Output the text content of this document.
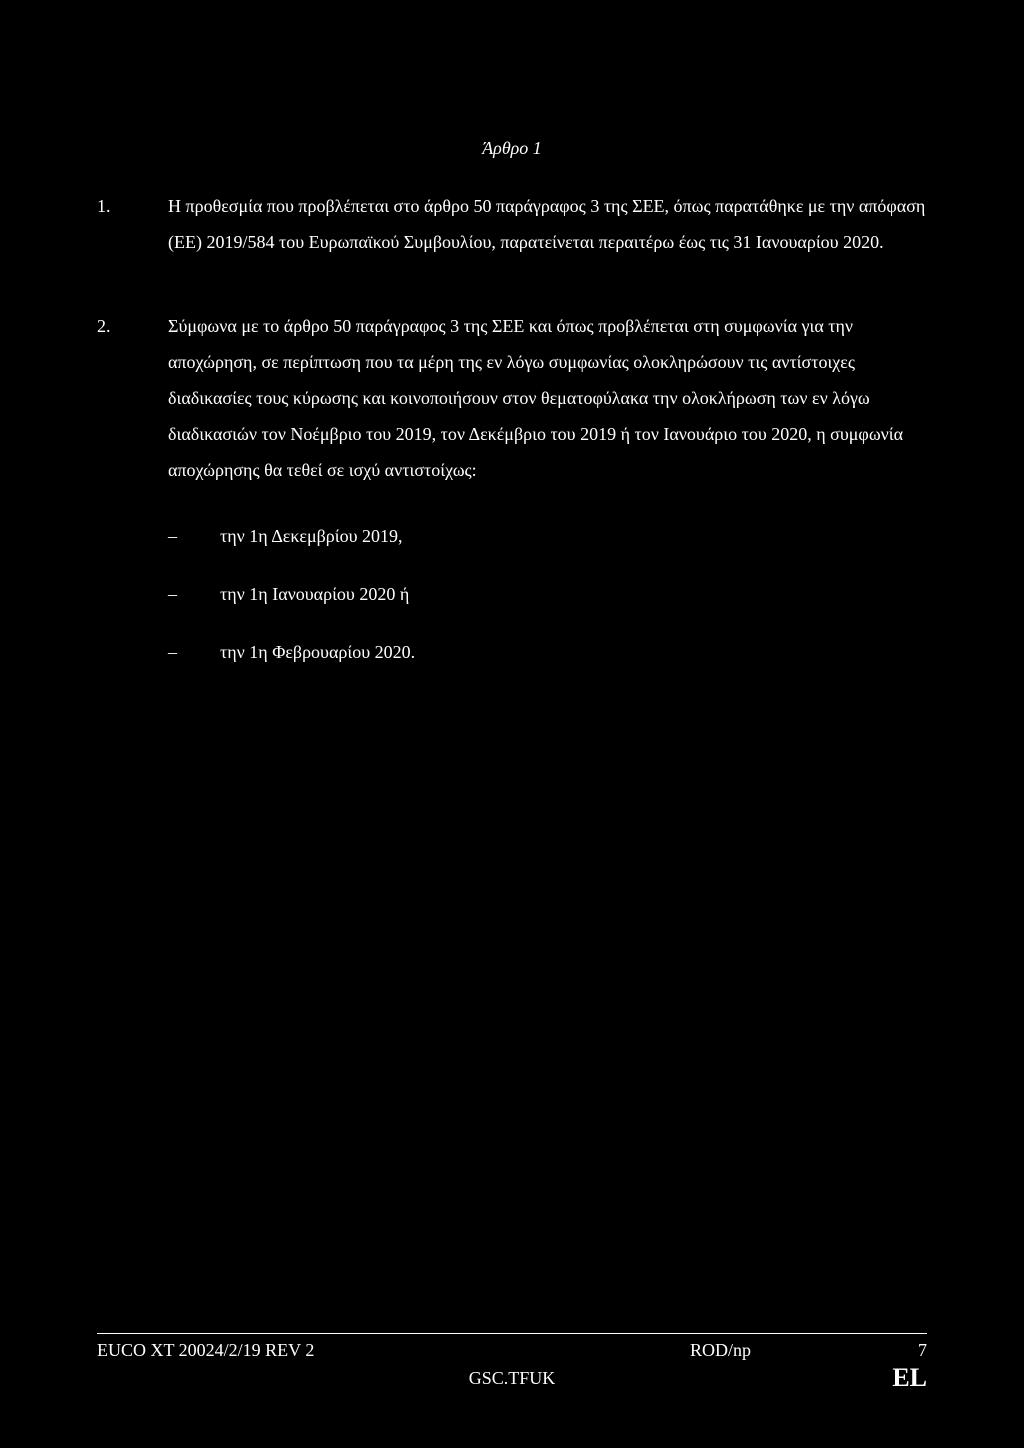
Άρθρο 1
1.	Η προθεσμία που προβλέπεται στο άρθρο 50 παράγραφος 3 της ΣΕΕ, όπως παρατάθηκε με την απόφαση (ΕΕ) 2019/584 του Ευρωπαϊκού Συμβουλίου, παρατείνεται περαιτέρω έως τις 31 Ιανουαρίου 2020.
2.	Σύμφωνα με το άρθρο 50 παράγραφος 3 της ΣΕΕ και όπως προβλέπεται στη συμφωνία για την αποχώρηση, σε περίπτωση που τα μέρη της εν λόγω συμφωνίας ολοκληρώσουν τις αντίστοιχες διαδικασίες τους κύρωσης και κοινοποιήσουν στον θεματοφύλακα την ολοκλήρωση των εν λόγω διαδικασιών τον Νοέμβριο του 2019, τον Δεκέμβριο του 2019 ή τον Ιανουάριο του 2020, η συμφωνία αποχώρησης θα τεθεί σε ισχύ αντιστοίχως:
– την 1η Δεκεμβρίου 2019,
– την 1η Ιανουαρίου 2020 ή
– την 1η Φεβρουαρίου 2020.
EUCO XT 20024/2/19 REV 2	ROD/np	7
GSC.TFUK	EL
